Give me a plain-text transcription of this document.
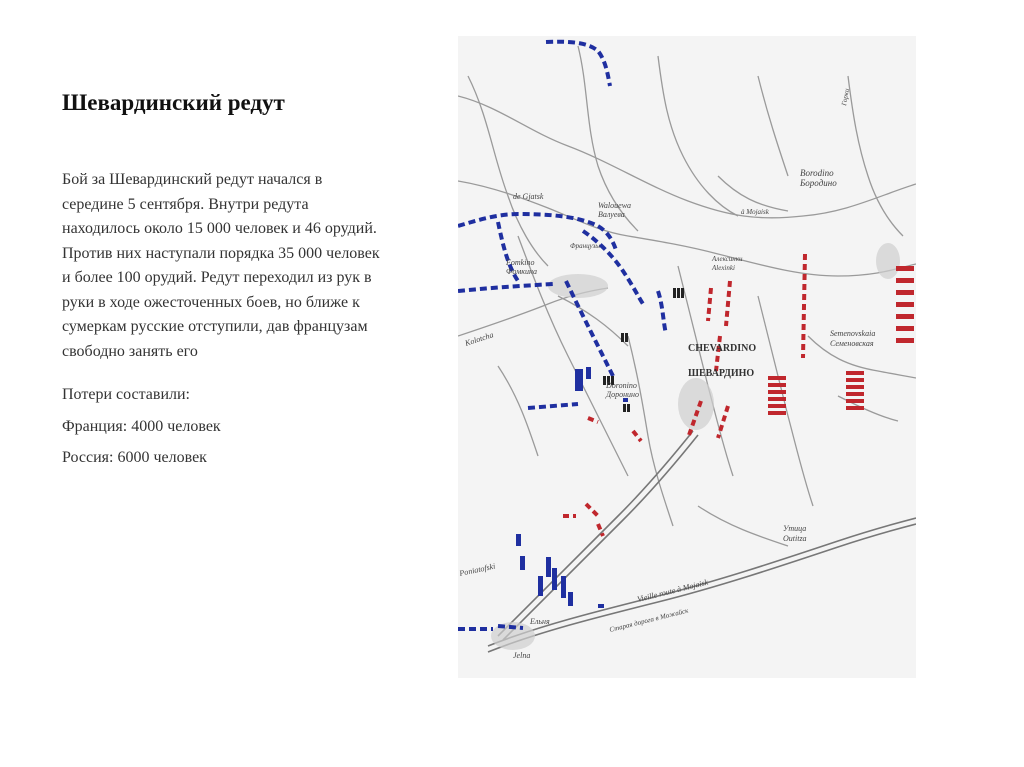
Шевардинский редут

Бой за Шевардинский редут начался в середине 5 сентября. Внутри редута находилось около 15 000 человек и 46 орудий. Против них наступали порядка 35 000 человек и более 100 орудий. Редут переходил из рук в руки в ходе ожесточенных боев, но ближе к сумеркам русские отступили, дав французам свободно занять его

Потери составили:

Франция: 4000 человек

Россия: 6000 человек

Borodino
Бородино
à Mojaisk
Walouewa
Валуева
de Gjatsk
Французы
Fomkino
Фомкина
Kolotcha
Алексинки
Alexinki
CHEVARDINO
ШЕВАРДИНО
Semenovskaia
Семеновская
Doronino
Доронино
Утица
Outitza
Poniatofski
Vieille route à Mojaisk
Старая дорога в Можайск
Ельня
Jelna
Горки
